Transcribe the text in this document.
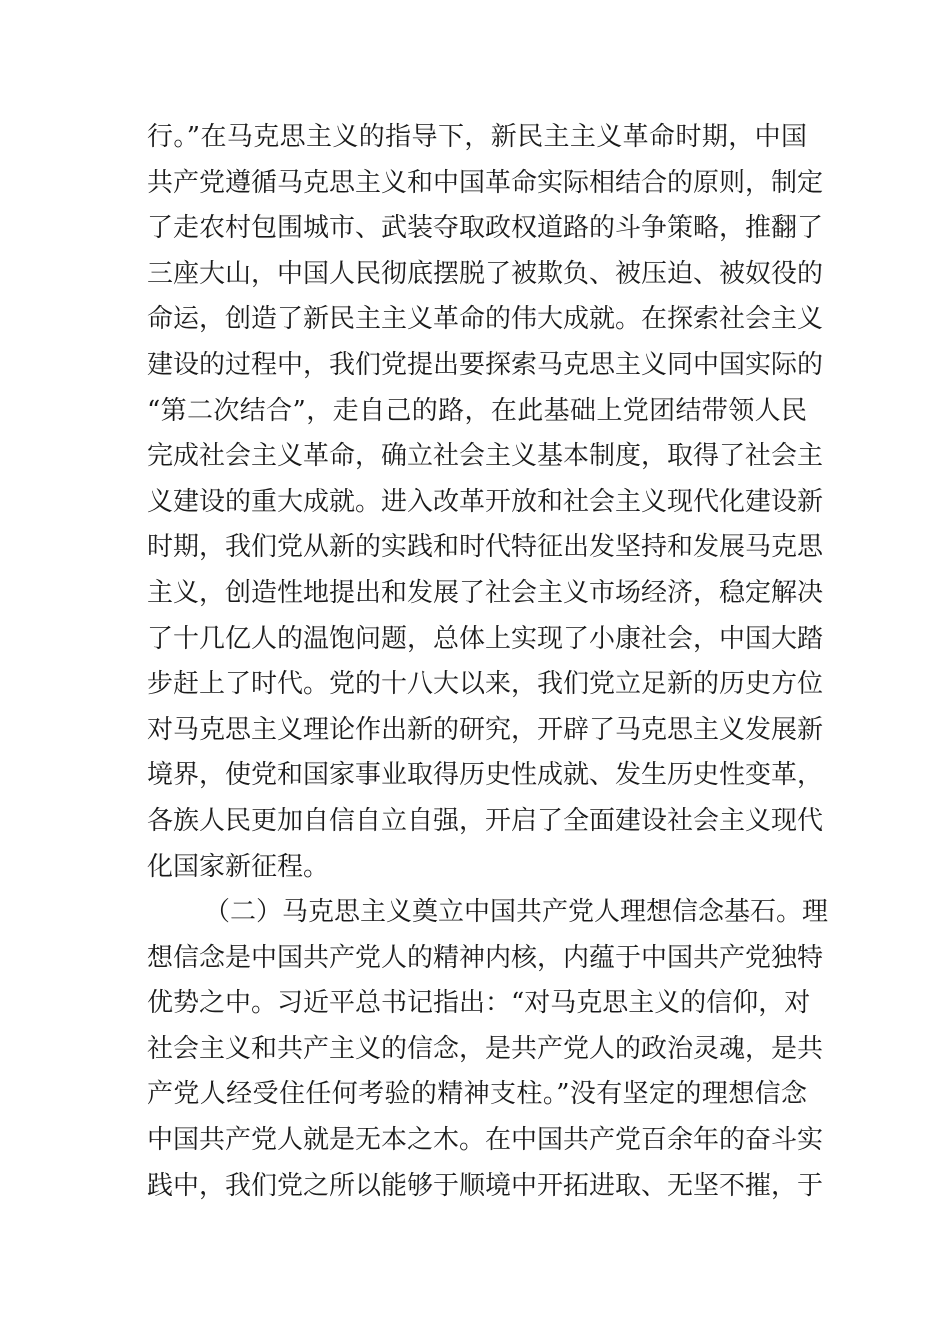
行。”在马克思主义的指导下，新民主主义革命时期，中国
共产党遵循马克思主义和中国革命实际相结合的原则，制定
了走农村包围城市、武装夺取政权道路的斗争策略，推翻了
三座大山，中国人民彻底摆脱了被欺负、被压迫、被奴役的
命运，创造了新民主主义革命的伟大成就。在探索社会主义
建设的过程中，我们党提出要探索马克思主义同中国实际的
“第二次结合”，走自己的路，在此基础上党团结带领人民
完成社会主义革命，确立社会主义基本制度，取得了社会主
义建设的重大成就。进入改革开放和社会主义现代化建设新
时期，我们党从新的实践和时代特征出发坚持和发展马克思
主义，创造性地提出和发展了社会主义市场经济，稳定解决
了十几亿人的温饱问题，总体上实现了小康社会，中国大踏
步赶上了时代。党的十八大以来，我们党立足新的历史方位
对马克思主义理论作出新的研究，开辟了马克思主义发展新
境界，使党和国家事业取得历史性成就、发生历史性变革，
各族人民更加自信自立自强，开启了全面建设社会主义现代
化国家新征程。
（二）马克思主义奠立中国共产党人理想信念基石。理
想信念是中国共产党人的精神内核，内蕴于中国共产党独特
优势之中。习近平总书记指出：“对马克思主义的信仰，对
社会主义和共产主义的信念，是共产党人的政治灵魂，是共
产党人经受住任何考验的精神支柱。”没有坚定的理想信念
中国共产党人就是无本之木。在中国共产党百余年的奋斗实
践中，我们党之所以能够于顺境中开拓进取、无坚不摧，于
